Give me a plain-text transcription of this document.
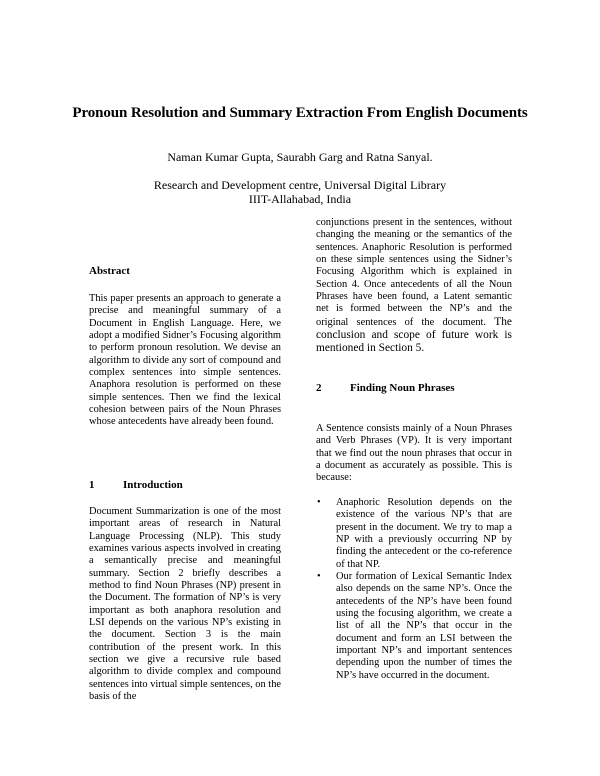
Pronoun Resolution and Summary Extraction From English Documents
Naman Kumar Gupta, Saurabh Garg and Ratna Sanyal.
Research and Development centre, Universal Digital Library
IIIT-Allahabad, India
Abstract

This paper presents an approach to generate a precise and meaningful summary of a Document in English Language. Here, we adopt a modified Sidner’s Focusing algorithm to perform pronoun resolution. We devise an algorithm to divide any sort of compound and complex sentences into simple sentences. Anaphora resolution is performed on these simple sentences. Then we find the lexical cohesion between pairs of the Noun Phrases whose antecedents have already been found.

1	Introduction

Document Summarization is one of the most important areas of research in Natural Language Processing (NLP). This study examines various aspects involved in creating a semantically precise and meaningful summary. Section 2 briefly describes a method to find Noun Phrases (NP) present in the Document. The formation of NP’s is very important as both anaphora resolution and LSI depends on the various NP’s existing in the document. Section 3 is the main contribution of the present work. In this section we give a recursive rule based algorithm to divide complex and compound sentences into virtual simple sentences, on the basis of the

conjunctions present in the sentences, without changing the meaning or the semantics of the sentences. Anaphoric Resolution is performed on these simple sentences using the Sidner’s Focusing Algorithm which is explained in Section 4. Once antecedents of all the Noun Phrases have been found, a Latent semantic net is formed between the NP’s and the original sentences of the document. The conclusion and scope of future work is mentioned in Section 5.

2	Finding Noun Phrases

A Sentence consists mainly of a Noun Phrases and Verb Phrases (VP). It is very important that we find out the noun phrases that occur in a document as accurately as possible. This is because:

• Anaphoric Resolution depends on the existence of the various NP’s that are present in the document. We try to map a NP with a previously occurring NP by finding the antecedent or the co-reference of that NP.
• Our formation of Lexical Semantic Index also depends on the same NP’s. Once the antecedents of the NP’s have been found using the focusing algorithm, we create a list of all the NP’s that occur in the document and form an LSI between the important NP’s and important sentences depending upon the number of times the NP’s have occurred in the document.
